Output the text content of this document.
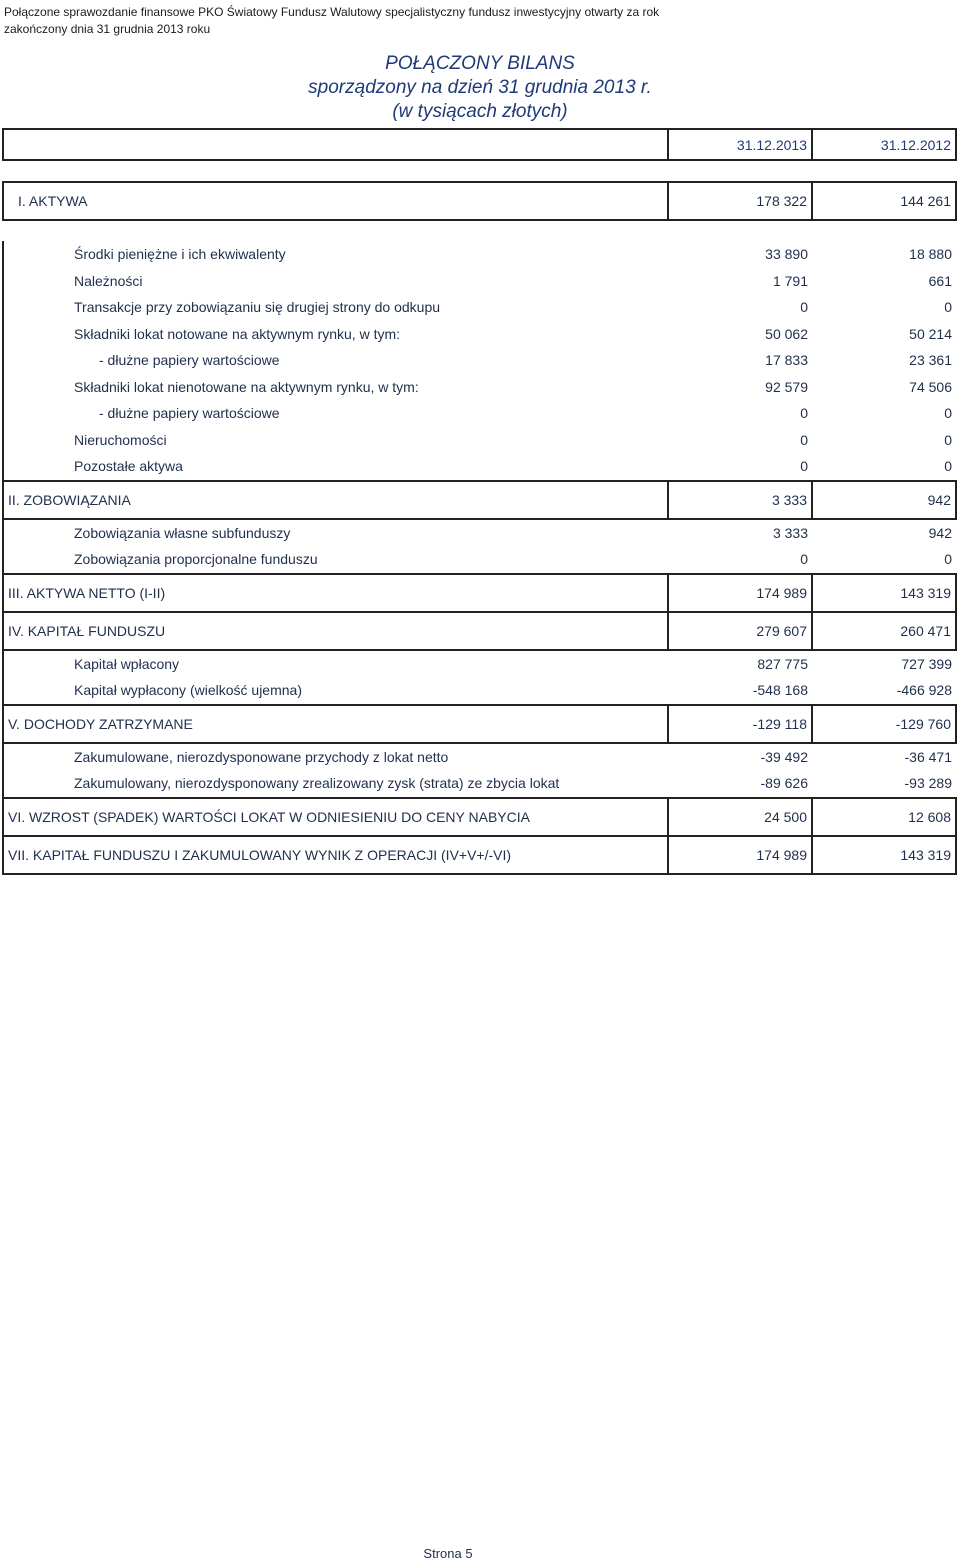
Połączone sprawozdanie finansowe PKO Światowy Fundusz Walutowy specjalistyczny fundusz inwestycyjny otwarty za rok
zakończony dnia 31 grudnia 2013 roku
POŁĄCZONY BILANS
sporządzony na dzień 31 grudnia 2013 r.
(w tysiącach złotych)
	31.12.2013	31.12.2012

I. AKTYWA	178 322	144 261

Środki pieniężne i ich ekwiwalenty	33 890	18 880
Należności	1 791	661
Transakcje przy zobowiązaniu się drugiej strony do odkupu	0	0
Składniki lokat notowane na aktywnym rynku, w tym:	50 062	50 214
- dłużne papiery wartościowe	17 833	23 361
Składniki lokat nienotowane na aktywnym rynku, w tym:	92 579	74 506
- dłużne papiery wartościowe	0	0
Nieruchomości	0	0
Pozostałe aktywa	0	0
II. ZOBOWIĄZANIA	3 333	942
Zobowiązania własne subfunduszy	3 333	942
Zobowiązania proporcjonalne funduszu	0	0
III. AKTYWA NETTO (I-II)	174 989	143 319
IV. KAPITAŁ FUNDUSZU	279 607	260 471
Kapitał wpłacony	827 775	727 399
Kapitał wypłacony (wielkość ujemna)	-548 168	-466 928
V. DOCHODY ZATRZYMANE	-129 118	-129 760
Zakumulowane, nierozdysponowane przychody z lokat netto	-39 492	-36 471
Zakumulowany, nierozdysponowany zrealizowany zysk (strata) ze zbycia lokat	-89 626	-93 289
VI. WZROST (SPADEK) WARTOŚCI LOKAT W ODNIESIENIU DO CENY NABYCIA	24 500	12 608
VII. KAPITAŁ FUNDUSZU I ZAKUMULOWANY WYNIK Z OPERACJI (IV+V+/-VI)	174 989	143 319
Strona 5
